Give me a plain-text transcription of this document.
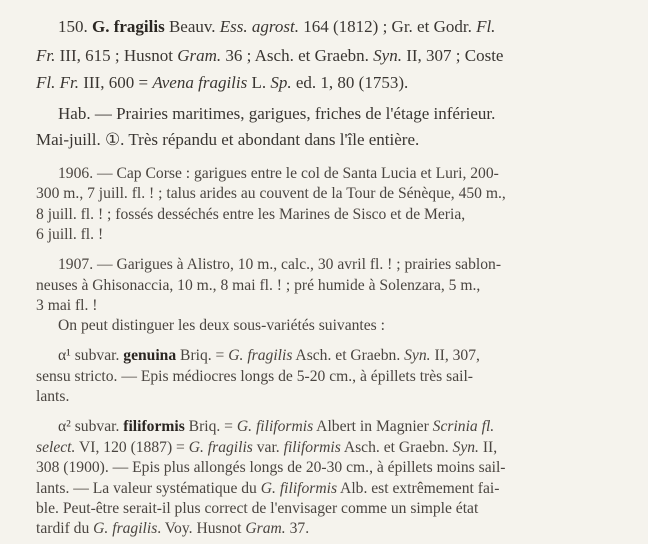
150. G. fragilis Beauv. Ess. agrost. 164 (1812) ; Gr. et Godr. Fl.

Fr. III, 615 ; Husnot Gram. 36 ; Asch. et Graebn. Syn. II, 307 ; Coste

Fl. Fr. III, 600 = Avena fragilis L. Sp. ed. 1, 80 (1753).

Hab. — Prairies maritimes, garigues, friches de l'étage inférieur.

Mai-juill. ①. Très répandu et abondant dans l'île entière.

1906. — Cap Corse : garigues entre le col de Santa Lucia et Luri, 200-

300 m., 7 juill. fl. ! ; talus arides au couvent de la Tour de Sénèque, 450 m.,

8 juill. fl. ! ; fossés desséchés entre les Marines de Sisco et de Meria,

6 juill. fl. !

1907. — Garigues à Alistro, 10 m., calc., 30 avril fl. ! ; prairies sablon-

neuses à Ghisonaccia, 10 m., 8 mai fl. ! ; pré humide à Solenzara, 5 m.,

3 mai fl. !

On peut distinguer les deux sous-variétés suivantes :

α¹ subvar. genuina Briq. = G. fragilis Asch. et Graebn. Syn. II, 307,

sensu stricto. — Epis médiocres longs de 5-20 cm., à épillets très sail-

lants.

α² subvar. filiformis Briq. = G. filiformis Albert in Magnier Scrinia fl.

select. VI, 120 (1887) = G. fragilis var. filiformis Asch. et Graebn. Syn. II,

308 (1900). — Epis plus allongés longs de 20-30 cm., à épillets moins sail-

lants. — La valeur systématique du G. filiformis Alb. est extrêmement fai-

ble. Peut-être serait-il plus correct de l'envisager comme un simple état

tardif du G. fragilis. Voy. Husnot Gram. 37.
